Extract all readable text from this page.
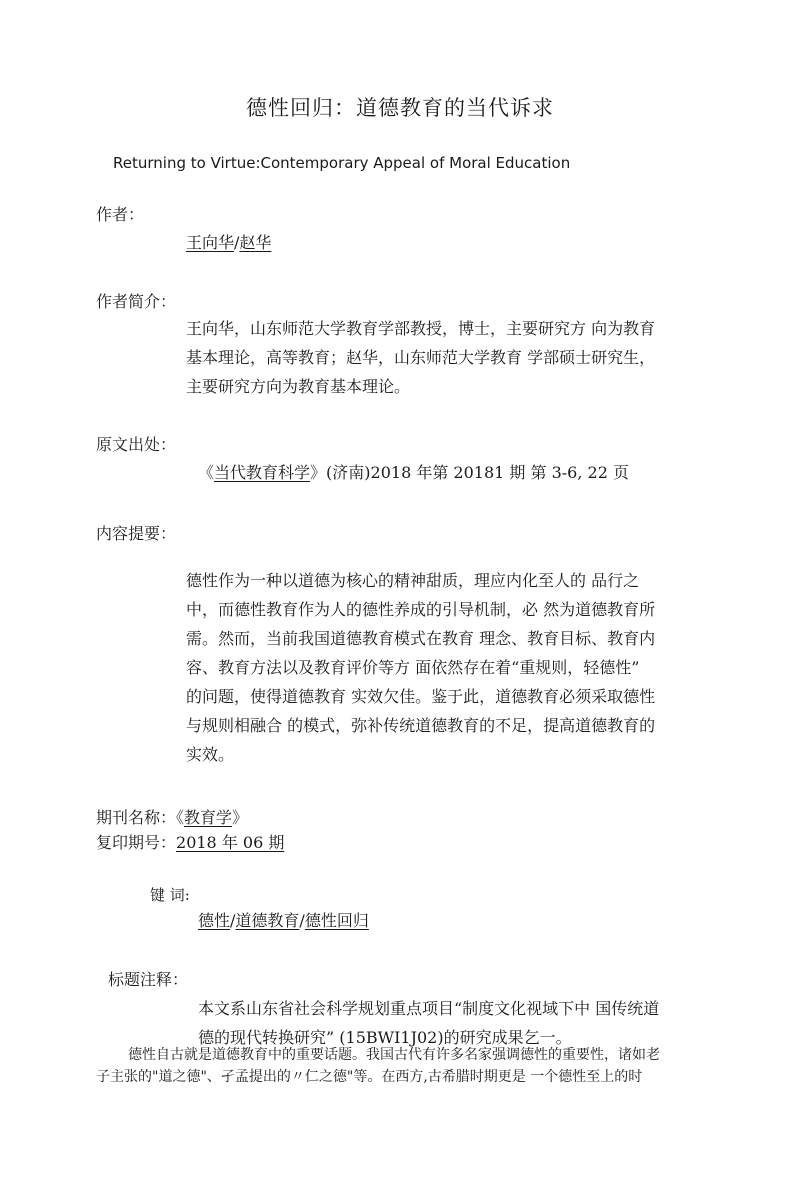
德性回归：道德教育的当代诉求
Returning to Virtue:Contemporary Appeal of Moral Education
作者：
王向华/赵华
作者简介：
王向华，山东师范大学教育学部教授，博士，主要研究方 向为教育
基本理论，高等教育；赵华，山东师范大学教育 学部硕士研究生，
主要研究方向为教育基本理论。
原文出处：
《当代教育科学》(济南)2018 年第 20181 期 第 3-6, 22 页
内容提要：
德性作为一种以道德为核心的精神甜质，理应内化至人的 品行之
中，而德性教育作为人的德性养成的引导机制，必 然为道德教育所
需。然而，当前我国道德教育模式在教育 理念、教育目标、教育内
容、教育方法以及教育评价等方 面依然存在着“重规则，轻德性”
的问题，使得道德教育 实效欠佳。鉴于此，道德教育必须采取德性
与规则相融合 的模式，弥补传统道德教育的不足，提高道德教育的
实效。
期刊名称：《教育学》
复印期号：2018 年 06 期
键 词:
德性/道德教育/德性回归
标题注释：
本文系山东省社会科学规划重点项目“制度文化视域下中 国传统道
德的现代转换研究” (15BWI1J02)的研究成果乞一。
德性自古就是道德教育中的重要话题。我国古代有许多名家强调德性的重要性，诸如老
子主张的"道之德"、孑孟提出的〃仁之德"等。在西方,古希腊时期更是 一个德性至上的时
